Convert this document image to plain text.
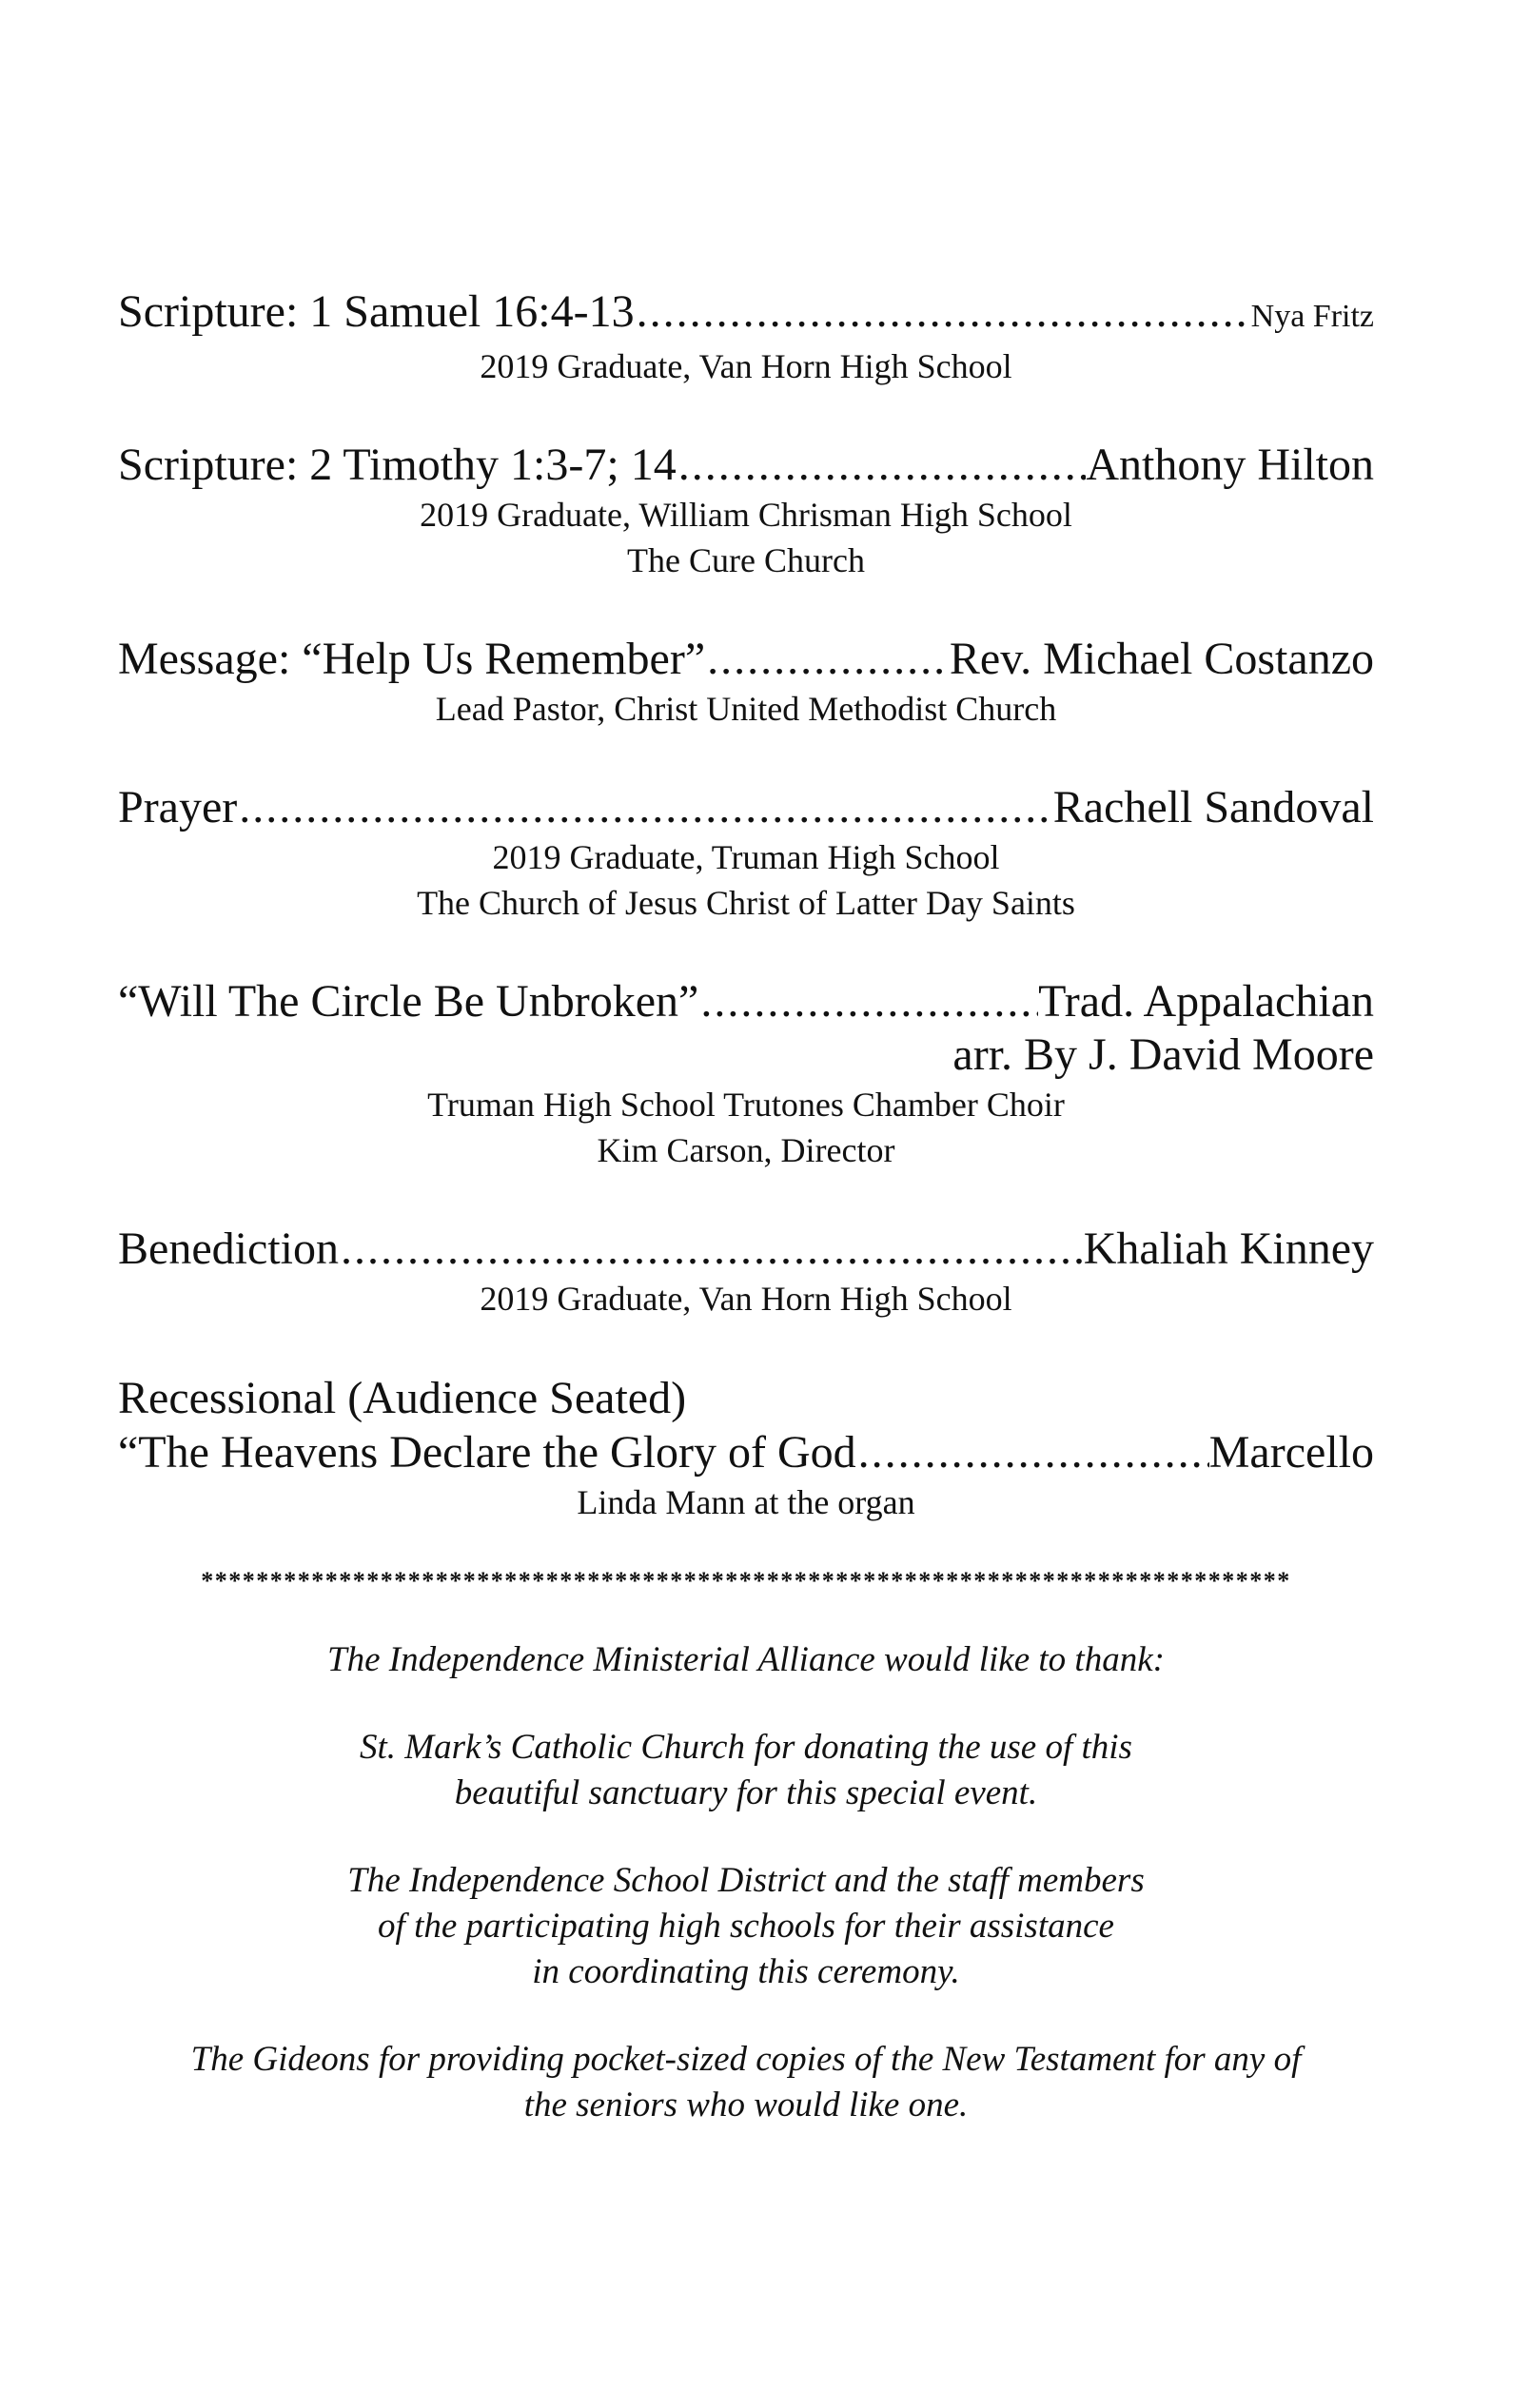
Scripture: 1 Samuel 16:4-13 .....	Nya Fritz
2019 Graduate, Van Horn High School
Scripture: 2 Timothy 1:3-7; 14 .....	Anthony Hilton
2019 Graduate, William Chrisman High School
The Cure Church
Message: “Help Us Remember” .....	Rev. Michael Costanzo
Lead Pastor, Christ United Methodist Church
Prayer .....	Rachell Sandoval
2019 Graduate, Truman High School
The Church of Jesus Christ of Latter Day Saints
“Will The Circle Be Unbroken” .....	Trad. Appalachian
arr. By J. David Moore
Truman High School Trutones Chamber Choir
Kim Carson, Director
Benediction .....	Khaliah Kinney
2019 Graduate, Van Horn High School
Recessional (Audience Seated)
“The Heavens Declare the Glory of God .....	Marcello
Linda Mann at the organ
*******************************************************************************

The Independence Ministerial Alliance would like to thank:

St. Mark’s Catholic Church for donating the use of this

beautiful sanctuary for this special event.

The Independence School District and the staff members

of the participating high schools for their assistance

in coordinating this ceremony.

The Gideons for providing pocket-sized copies of the New Testament for any of

the seniors who would like one.
